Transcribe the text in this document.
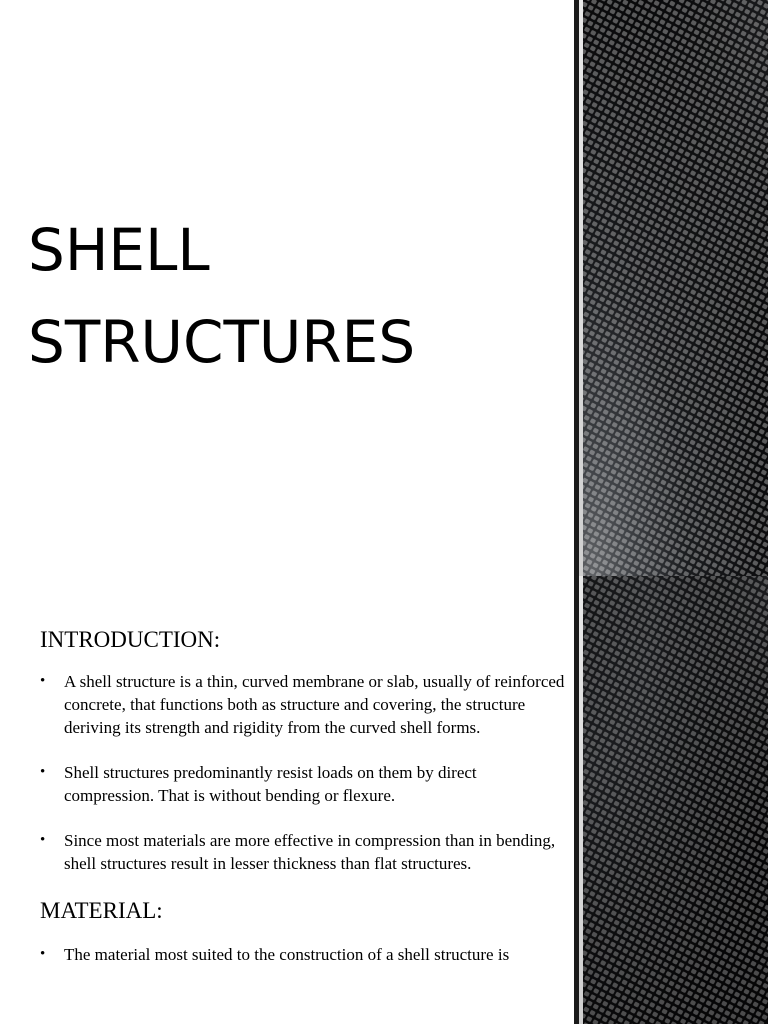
SHELL
STRUCTURES
INTRODUCTION:
• A shell structure is a thin, curved membrane or slab, usually of reinforced concrete, that functions both as structure and covering, the structure deriving its strength and rigidity from the curved shell forms.
• Shell structures predominantly resist loads on them by direct compression. That is without bending or flexure.
• Since most materials are more effective in compression than in bending, shell structures result in lesser thickness than flat structures.
MATERIAL:
• The material most suited to the construction of a shell structure is
